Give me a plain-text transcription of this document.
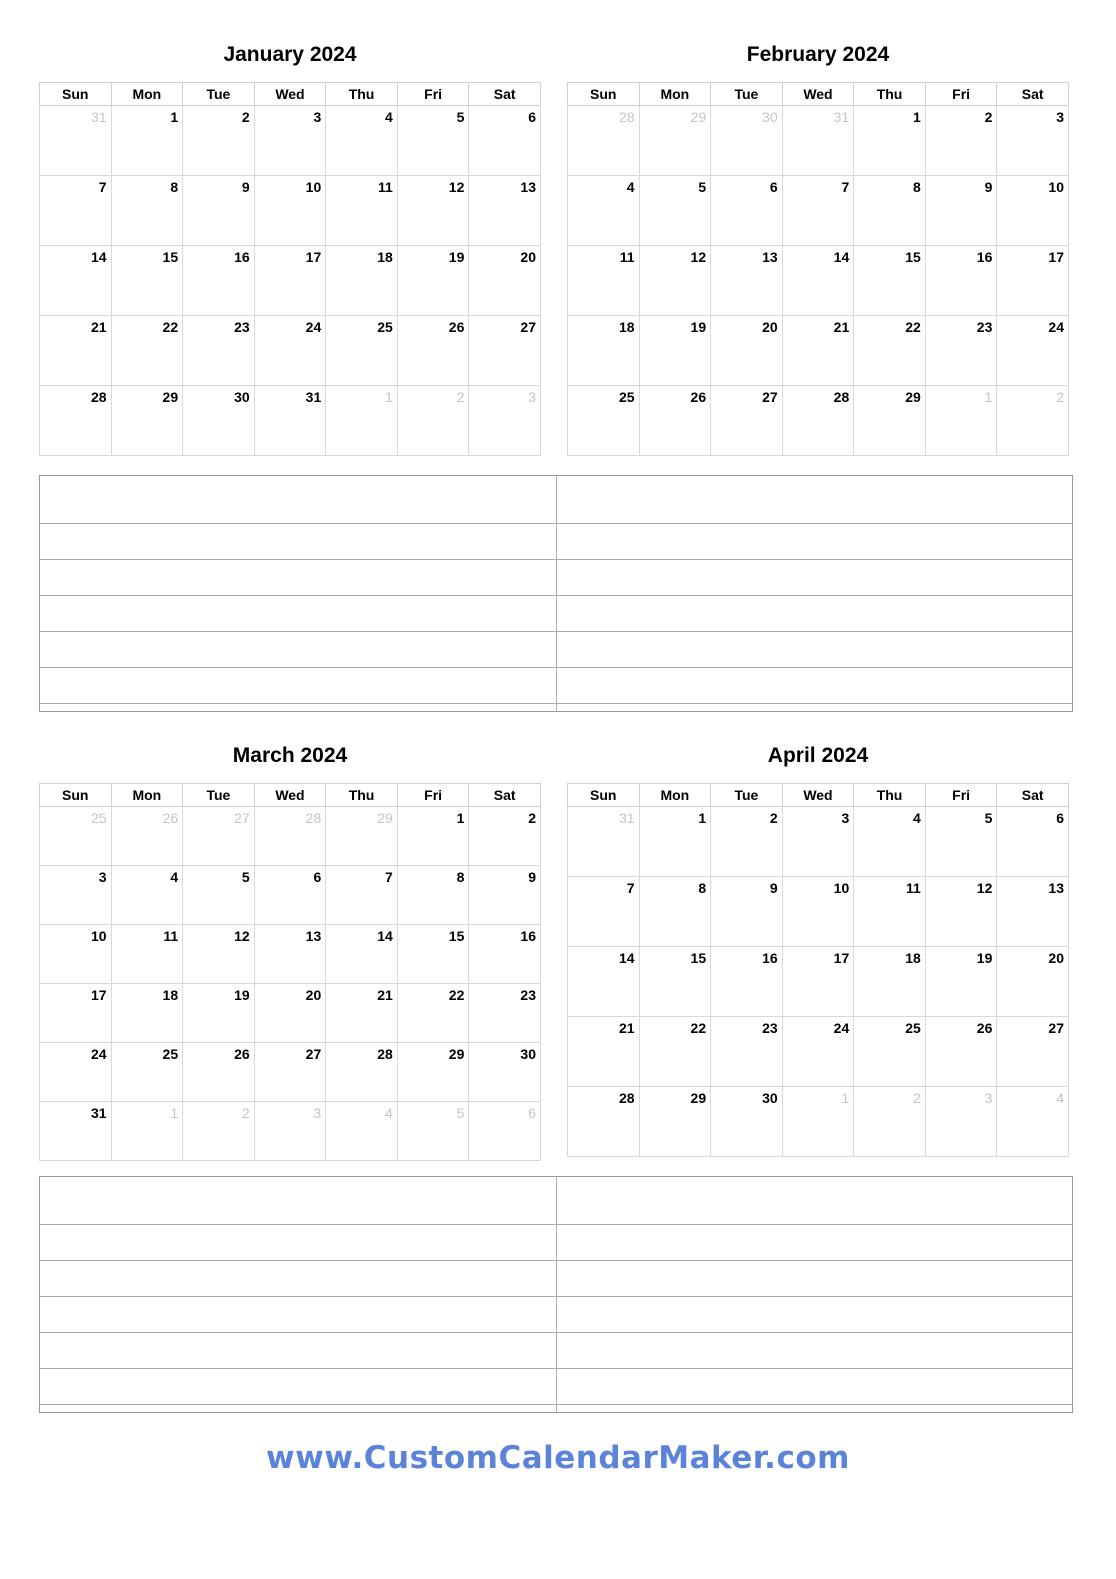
January 2024
Sun	Mon	Tue	Wed	Thu	Fri	Sat
31	1	2	3	4	5	6
7	8	9	10	11	12	13
14	15	16	17	18	19	20
21	22	23	24	25	26	27
28	29	30	31	1	2	3
February 2024
Sun	Mon	Tue	Wed	Thu	Fri	Sat
28	29	30	31	1	2	3
4	5	6	7	8	9	10
11	12	13	14	15	16	17
18	19	20	21	22	23	24
25	26	27	28	29	1	2
March 2024
Sun	Mon	Tue	Wed	Thu	Fri	Sat
25	26	27	28	29	1	2
3	4	5	6	7	8	9
10	11	12	13	14	15	16
17	18	19	20	21	22	23
24	25	26	27	28	29	30
31	1	2	3	4	5	6
April 2024
Sun	Mon	Tue	Wed	Thu	Fri	Sat
31	1	2	3	4	5	6
7	8	9	10	11	12	13
14	15	16	17	18	19	20
21	22	23	24	25	26	27
28	29	30	1	2	3	4
www.CustomCalendarMaker.com
